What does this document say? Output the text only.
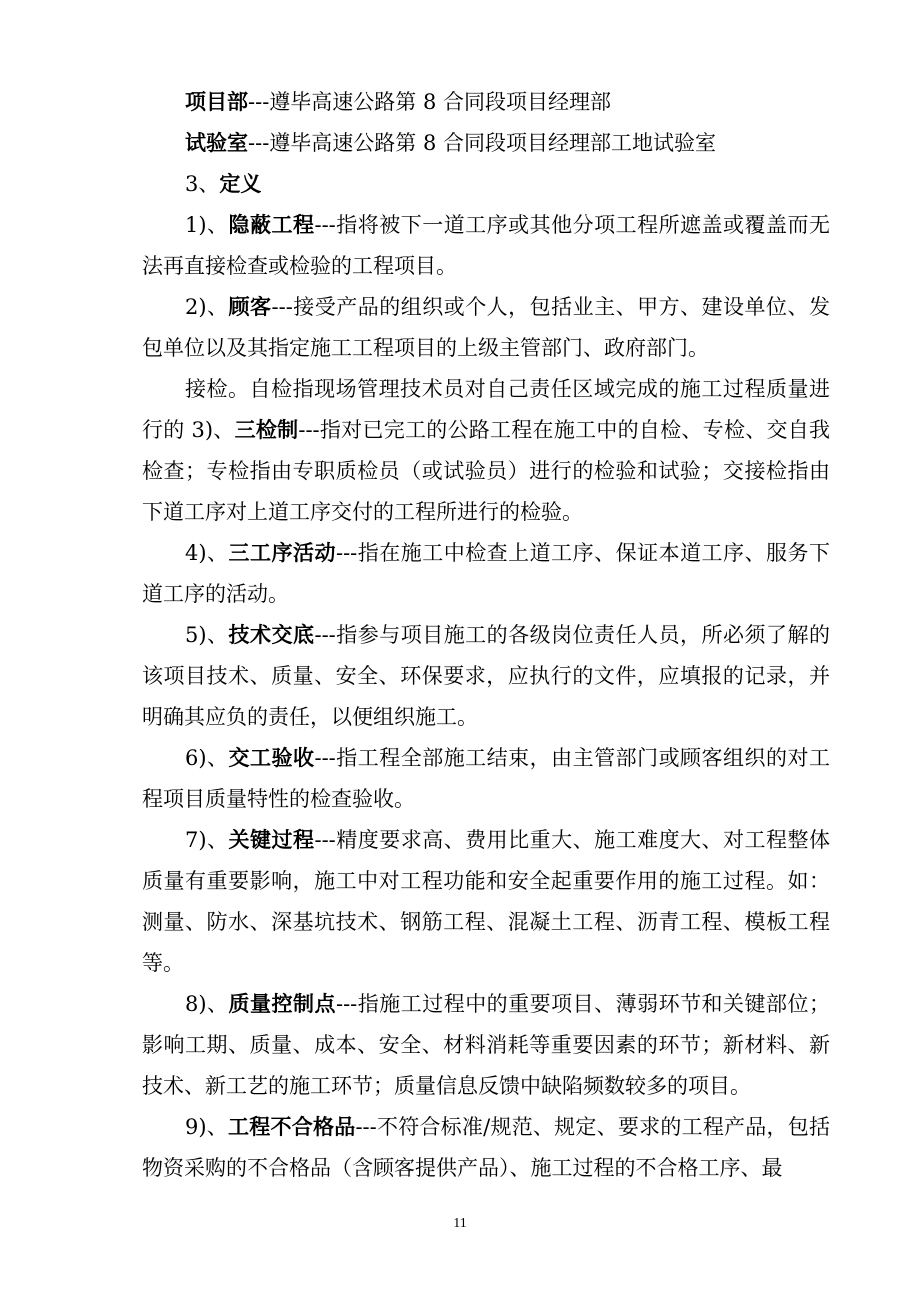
项目部---遵毕高速公路第 8 合同段项目经理部

试验室---遵毕高速公路第 8 合同段项目经理部工地试验室

3、定义

1)、隐蔽工程---指将被下一道工序或其他分项工程所遮盖或覆盖而无法再直接检查或检验的工程项目。

2)、顾客---接受产品的组织或个人，包括业主、甲方、建设单位、发包单位以及其指定施工工程项目的上级主管部门、政府部门。

接检。自检指现场管理技术员对自己责任区域完成的施工过程质量进行的 3)、三检制---指对已完工的公路工程在施工中的自检、专检、交自我检查；专检指由专职质检员（或试验员）进行的检验和试验；交接检指由下道工序对上道工序交付的工程所进行的检验。

4)、三工序活动---指在施工中检查上道工序、保证本道工序、服务下道工序的活动。

5)、技术交底---指参与项目施工的各级岗位责任人员，所必须了解的该项目技术、质量、安全、环保要求，应执行的文件，应填报的记录，并明确其应负的责任，以便组织施工。

6)、交工验收---指工程全部施工结束，由主管部门或顾客组织的对工程项目质量特性的检查验收。

7)、关键过程---精度要求高、费用比重大、施工难度大、对工程整体质量有重要影响，施工中对工程功能和安全起重要作用的施工过程。如：测量、防水、深基坑技术、钢筋工程、混凝土工程、沥青工程、模板工程等。

8)、质量控制点---指施工过程中的重要项目、薄弱环节和关键部位；影响工期、质量、成本、安全、材料消耗等重要因素的环节；新材料、新技术、新工艺的施工环节；质量信息反馈中缺陷频数较多的项目。

9)、工程不合格品---不符合标准/规范、规定、要求的工程产品，包括物资采购的不合格品（含顾客提供产品）、施工过程的不合格工序、最

11
